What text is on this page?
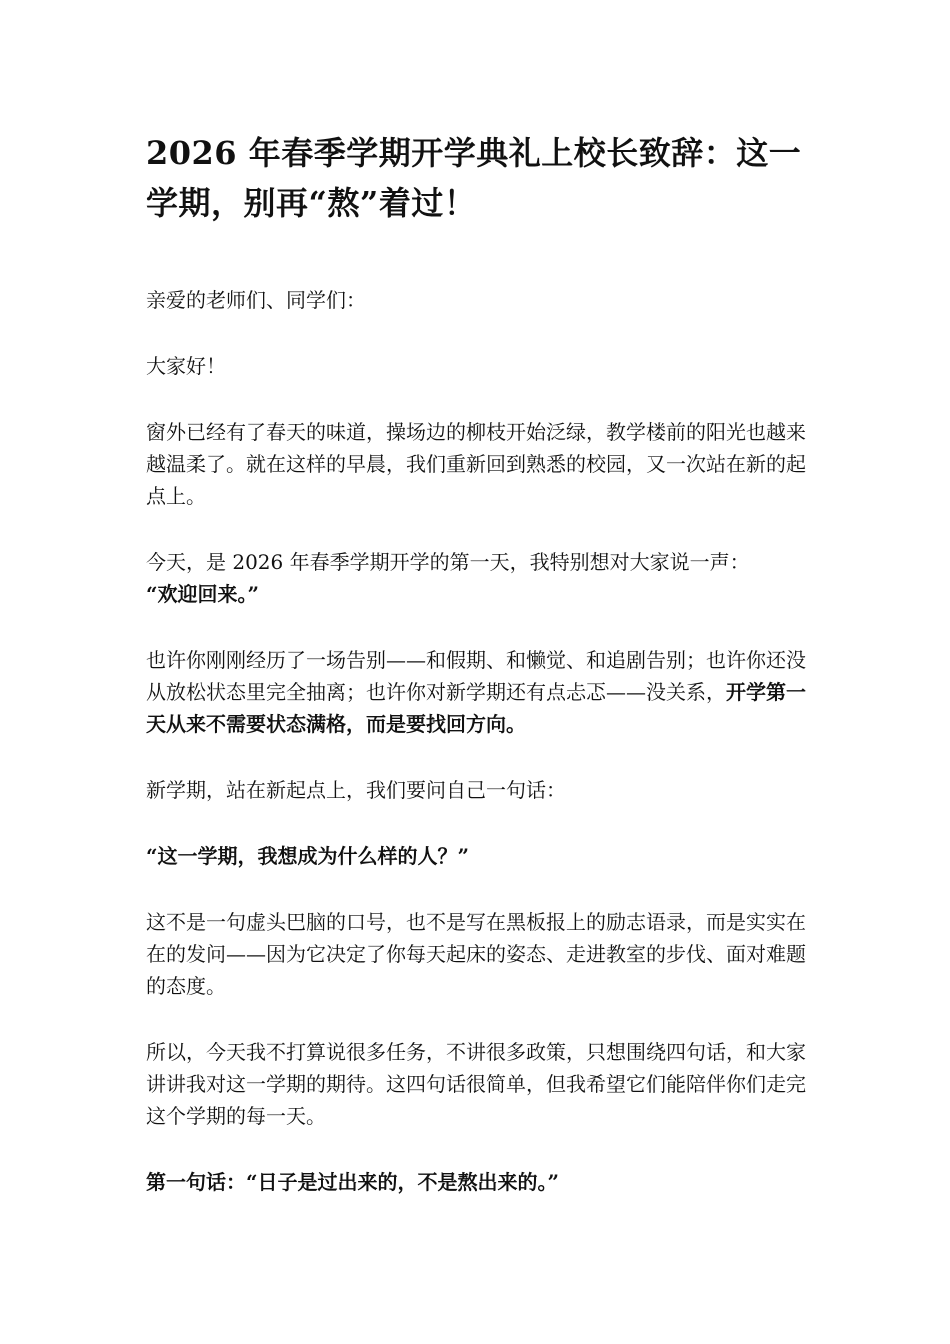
2026 年春季学期开学典礼上校长致辞：这一学期，别再“熬”着过！

亲爱的老师们、同学们：

大家好！

窗外已经有了春天的味道，操场边的柳枝开始泛绿，教学楼前的阳光也越来越温柔了。就在这样的早晨，我们重新回到熟悉的校园，又一次站在新的起点上。

今天，是 2026 年春季学期开学的第一天，我特别想对大家说一声：
“欢迎回来。”

也许你刚刚经历了一场告别——和假期、和懒觉、和追剧告别；也许你还没从放松状态里完全抽离；也许你对新学期还有点忐忑——没关系，开学第一天从来不需要状态满格，而是要找回方向。

新学期，站在新起点上，我们要问自己一句话：

“这一学期，我想成为什么样的人？”

这不是一句虚头巴脑的口号，也不是写在黑板报上的励志语录，而是实实在在的发问——因为它决定了你每天起床的姿态、走进教室的步伐、面对难题的态度。

所以，今天我不打算说很多任务，不讲很多政策，只想围绕四句话，和大家讲讲我对这一学期的期待。这四句话很简单，但我希望它们能陪伴你们走完这个学期的每一天。

第一句话：“日子是过出来的，不是熬出来的。”
